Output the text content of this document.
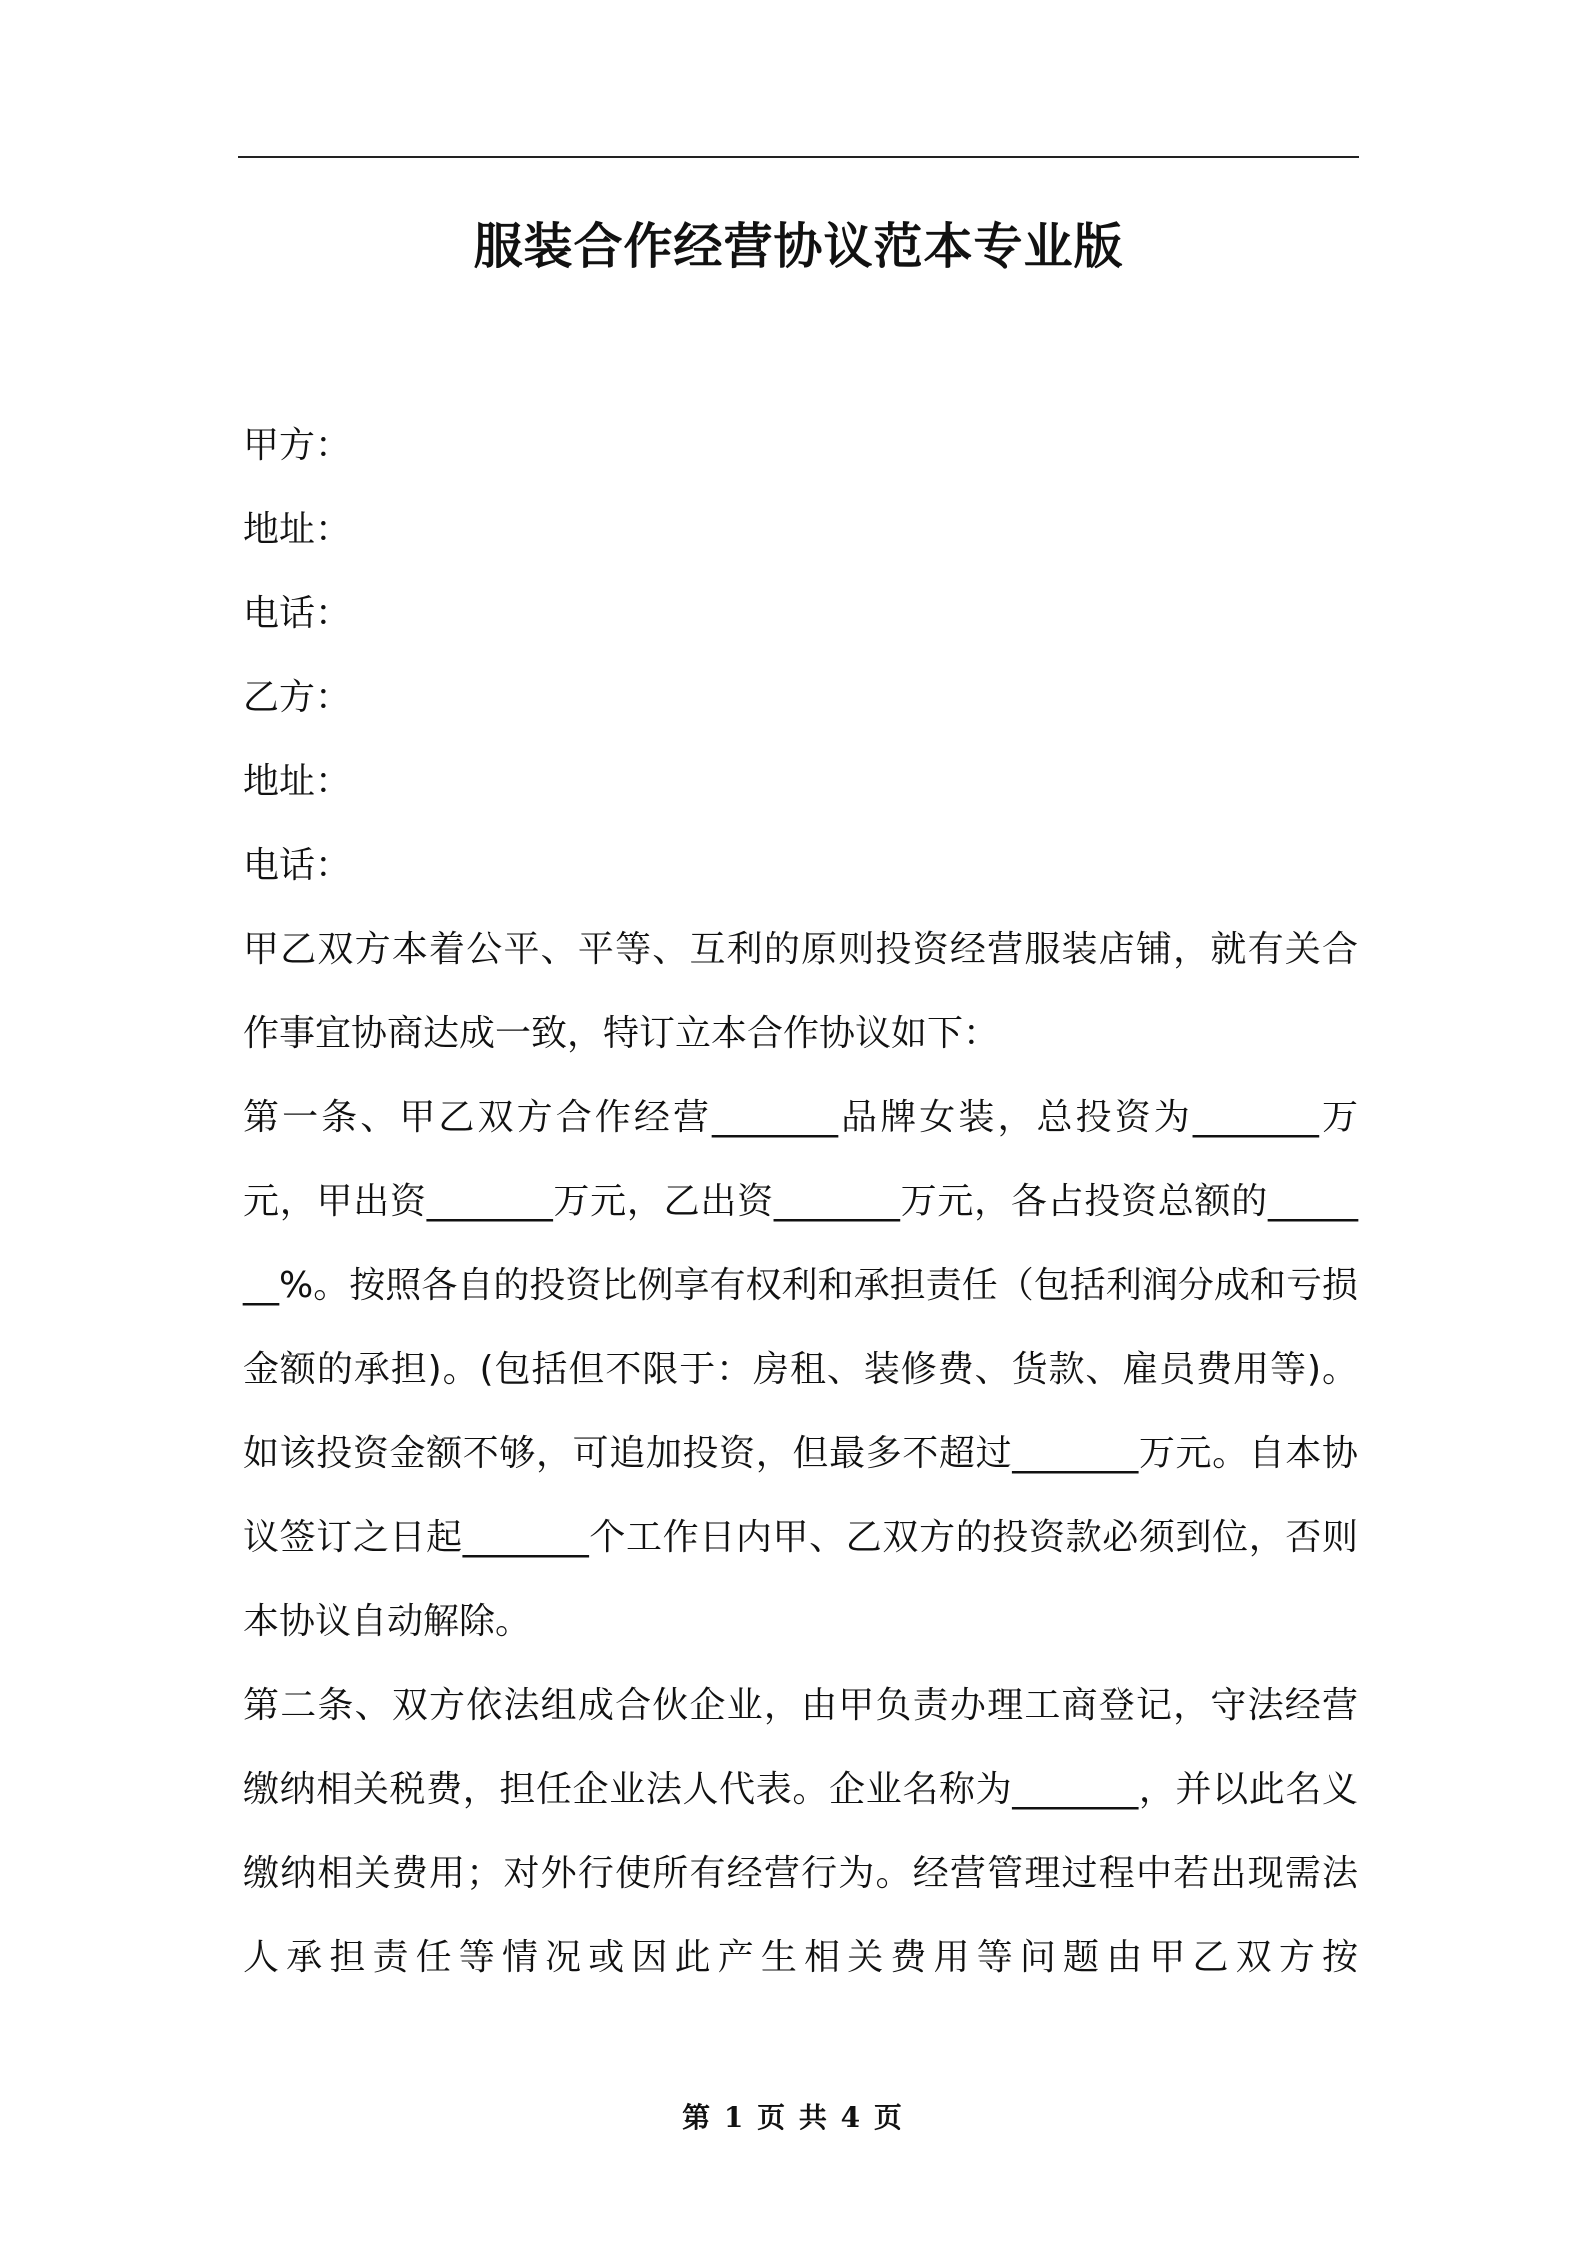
服装合作经营协议范本专业版
甲方：
地址：
电话：
乙方：
地址：
电话：

甲乙双方本着公平、平等、互利的原则投资经营服装店铺，就有关合作事宜协商达成一致，特订立本合作协议如下：

第一条、甲乙双方合作经营_______品牌女装，总投资为_______万元，甲出资_______万元，乙出资_______万元，各占投资总额的_______%。按照各自的投资比例享有权利和承担责任（包括利润分成和亏损金额的承担)。(包括但不限于：房租、装修费、货款、雇员费用等)。如该投资金额不够，可追加投资，但最多不超过_______万元。自本协议签订之日起_______个工作日内甲、乙双方的投资款必须到位，否则本协议自动解除。

第二条、双方依法组成合伙企业，由甲负责办理工商登记，守法经营缴纳相关税费，担任企业法人代表。企业名称为_______，并以此名义缴纳相关费用；对外行使所有经营行为。经营管理过程中若出现需法人承担责任等情况或因此产生相关费用等问题由甲乙双方按

第 1 页 共 4 页
